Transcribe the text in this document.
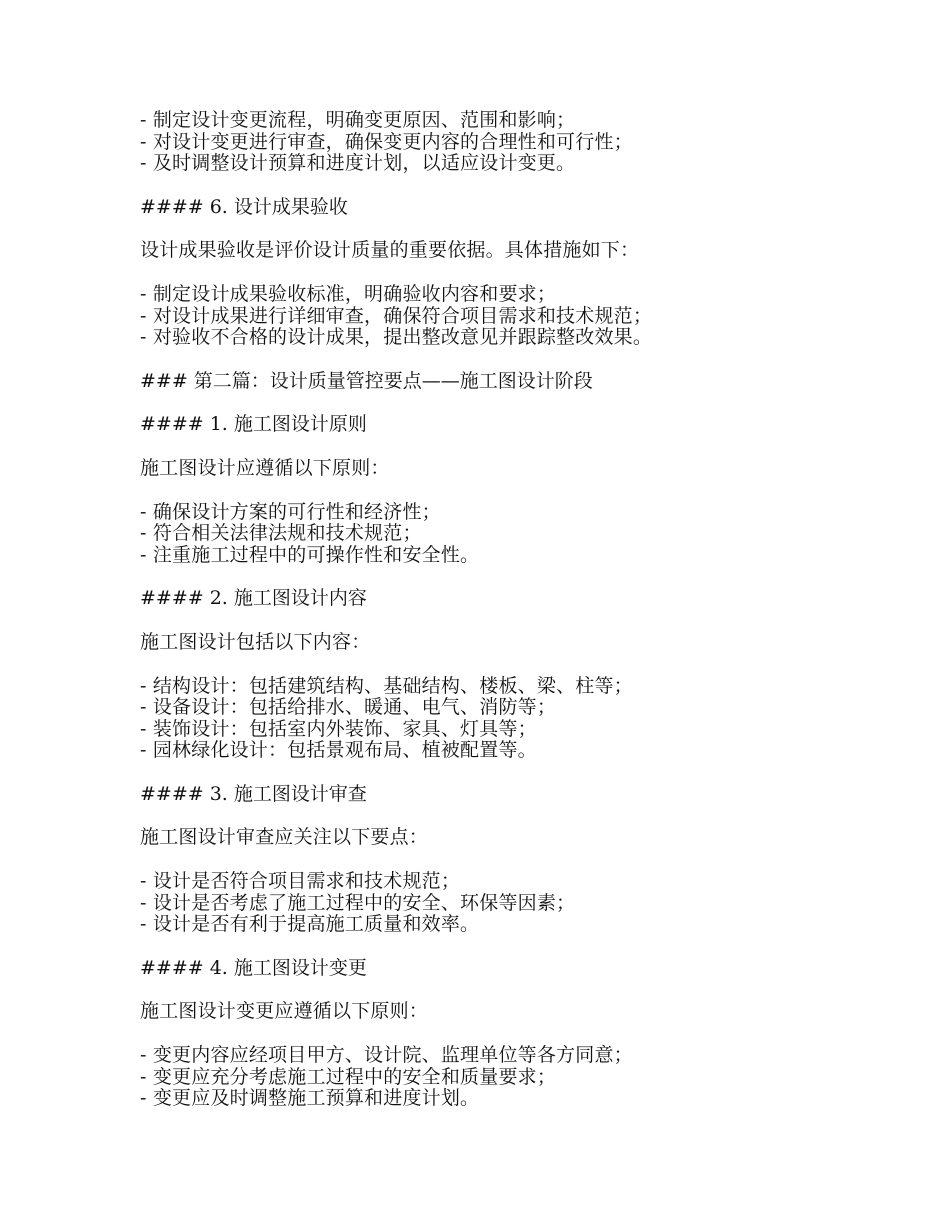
- 制定设计变更流程，明确变更原因、范围和影响；
- 对设计变更进行审查，确保变更内容的合理性和可行性；
- 及时调整设计预算和进度计划，以适应设计变更。
#### 6. 设计成果验收
设计成果验收是评价设计质量的重要依据。具体措施如下：
- 制定设计成果验收标准，明确验收内容和要求；
- 对设计成果进行详细审查，确保符合项目需求和技术规范；
- 对验收不合格的设计成果，提出整改意见并跟踪整改效果。
### 第二篇：设计质量管控要点——施工图设计阶段
#### 1. 施工图设计原则
施工图设计应遵循以下原则：
- 确保设计方案的可行性和经济性；
- 符合相关法律法规和技术规范；
- 注重施工过程中的可操作性和安全性。
#### 2. 施工图设计内容
施工图设计包括以下内容：
- 结构设计：包括建筑结构、基础结构、楼板、梁、柱等；
- 设备设计：包括给排水、暖通、电气、消防等；
- 装饰设计：包括室内外装饰、家具、灯具等；
- 园林绿化设计：包括景观布局、植被配置等。
#### 3. 施工图设计审查
施工图设计审查应关注以下要点：
- 设计是否符合项目需求和技术规范；
- 设计是否考虑了施工过程中的安全、环保等因素；
- 设计是否有利于提高施工质量和效率。
#### 4. 施工图设计变更
施工图设计变更应遵循以下原则：
- 变更内容应经项目甲方、设计院、监理单位等各方同意；
- 变更应充分考虑施工过程中的安全和质量要求；
- 变更应及时调整施工预算和进度计划。
